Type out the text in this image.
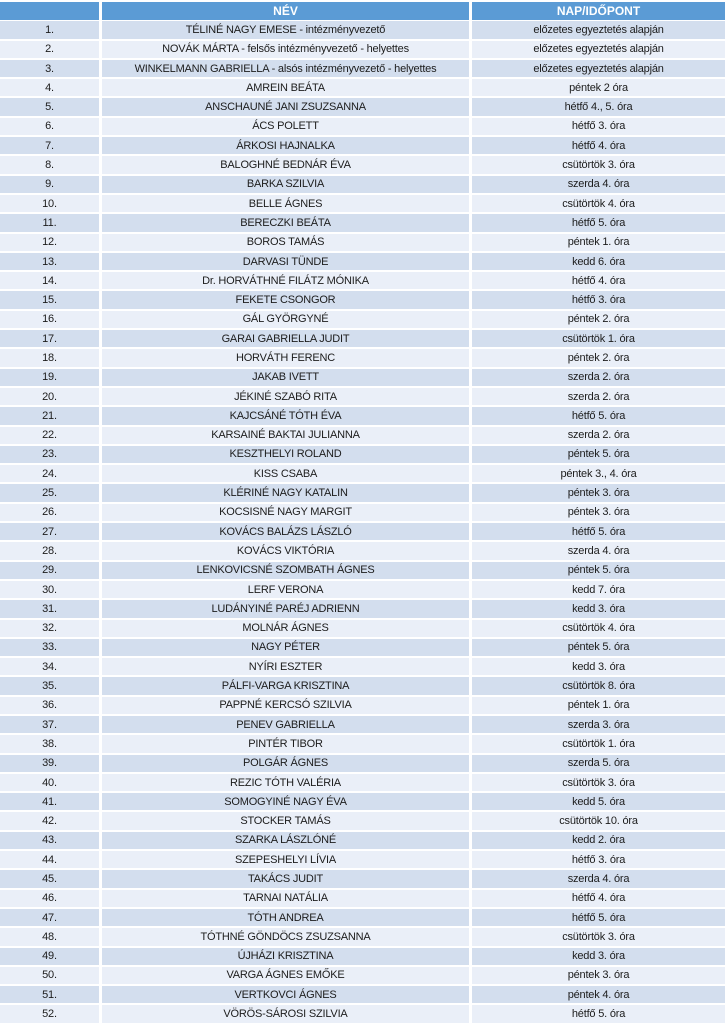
NÉV	NAP/IDŐPONT
1.	TÉLINÉ NAGY EMESE - intézményvezető	előzetes egyeztetés alapján
2.	NOVÁK MÁRTA - felsős intézményvezető - helyettes	előzetes egyeztetés alapján
3.	WINKELMANN GABRIELLA - alsós intézményvezető - helyettes	előzetes egyeztetés alapján
4.	AMREIN BEÁTA	péntek 2 óra
5.	ANSCHAUNÉ JANI ZSUZSANNA	hétfő 4., 5. óra
6.	ÁCS POLETT	hétfő 3. óra
7.	ÁRKOSI HAJNALKA	hétfő 4. óra
8.	BALOGHNÉ BEDNÁR ÉVA	csütörtök 3. óra
9.	BARKA SZILVIA	szerda 4. óra
10.	BELLE ÁGNES	csütörtök 4. óra
11.	BERECZKI BEÁTA	hétfő 5. óra
12.	BOROS TAMÁS	péntek 1. óra
13.	DARVASI TÜNDE	kedd 6. óra
14.	Dr. HORVÁTHNÉ FILÁTZ MÓNIKA	hétfő 4. óra
15.	FEKETE CSONGOR	hétfő 3. óra
16.	GÁL GYÖRGYNÉ	péntek 2. óra
17.	GARAI GABRIELLA JUDIT	csütörtök 1. óra
18.	HORVÁTH FERENC	péntek 2. óra
19.	JAKAB IVETT	szerda 2. óra
20.	JÉKINÉ SZABÓ RITA	szerda 2. óra
21.	KAJCSÁNÉ TÓTH ÉVA	hétfő 5. óra
22.	KARSAINÉ BAKTAI JULIANNA	szerda 2. óra
23.	KESZTHELYI ROLAND	péntek 5. óra
24.	KISS CSABA	péntek 3., 4. óra
25.	KLÉRINÉ NAGY KATALIN	péntek 3. óra
26.	KOCSISNÉ NAGY MARGIT	péntek 3. óra
27.	KOVÁCS BALÁZS LÁSZLÓ	hétfő 5. óra
28.	KOVÁCS VIKTÓRIA	szerda 4. óra
29.	LENKOVICSNÉ SZOMBATH ÁGNES	péntek 5. óra
30.	LERF VERONA	kedd 7. óra
31.	LUDÁNYINÉ PARÉJ ADRIENN	kedd 3. óra
32.	MOLNÁR ÁGNES	csütörtök 4. óra
33.	NAGY PÉTER	péntek 5. óra
34.	NYÍRI ESZTER	kedd 3. óra
35.	PÁLFI-VARGA KRISZTINA	csütörtök 8. óra
36.	PAPPNÉ KERCSÓ SZILVIA	péntek 1. óra
37.	PENEV GABRIELLA	szerda 3. óra
38.	PINTÉR TIBOR	csütörtök 1. óra
39.	POLGÁR ÁGNES	szerda 5. óra
40.	REZIC TÓTH VALÉRIA	csütörtök 3. óra
41.	SOMOGYINÉ NAGY ÉVA	kedd 5. óra
42.	STOCKER TAMÁS	csütörtök 10. óra
43.	SZARKA LÁSZLÓNÉ	kedd 2. óra
44.	SZEPESHELYI LÍVIA	hétfő 3. óra
45.	TAKÁCS JUDIT	szerda 4. óra
46.	TARNAI NATÁLIA	hétfő 4. óra
47.	TÓTH ANDREA	hétfő 5. óra
48.	TÓTHNÉ GÖNDÖCS ZSUZSANNA	csütörtök 3. óra
49.	ÚJHÁZI KRISZTINA	kedd 3. óra
50.	VARGA ÁGNES EMŐKE	péntek 3. óra
51.	VERTKOVCI ÁGNES	péntek 4. óra
52.	VÖRÖS-SÁROSI SZILVIA	hétfő 5. óra
